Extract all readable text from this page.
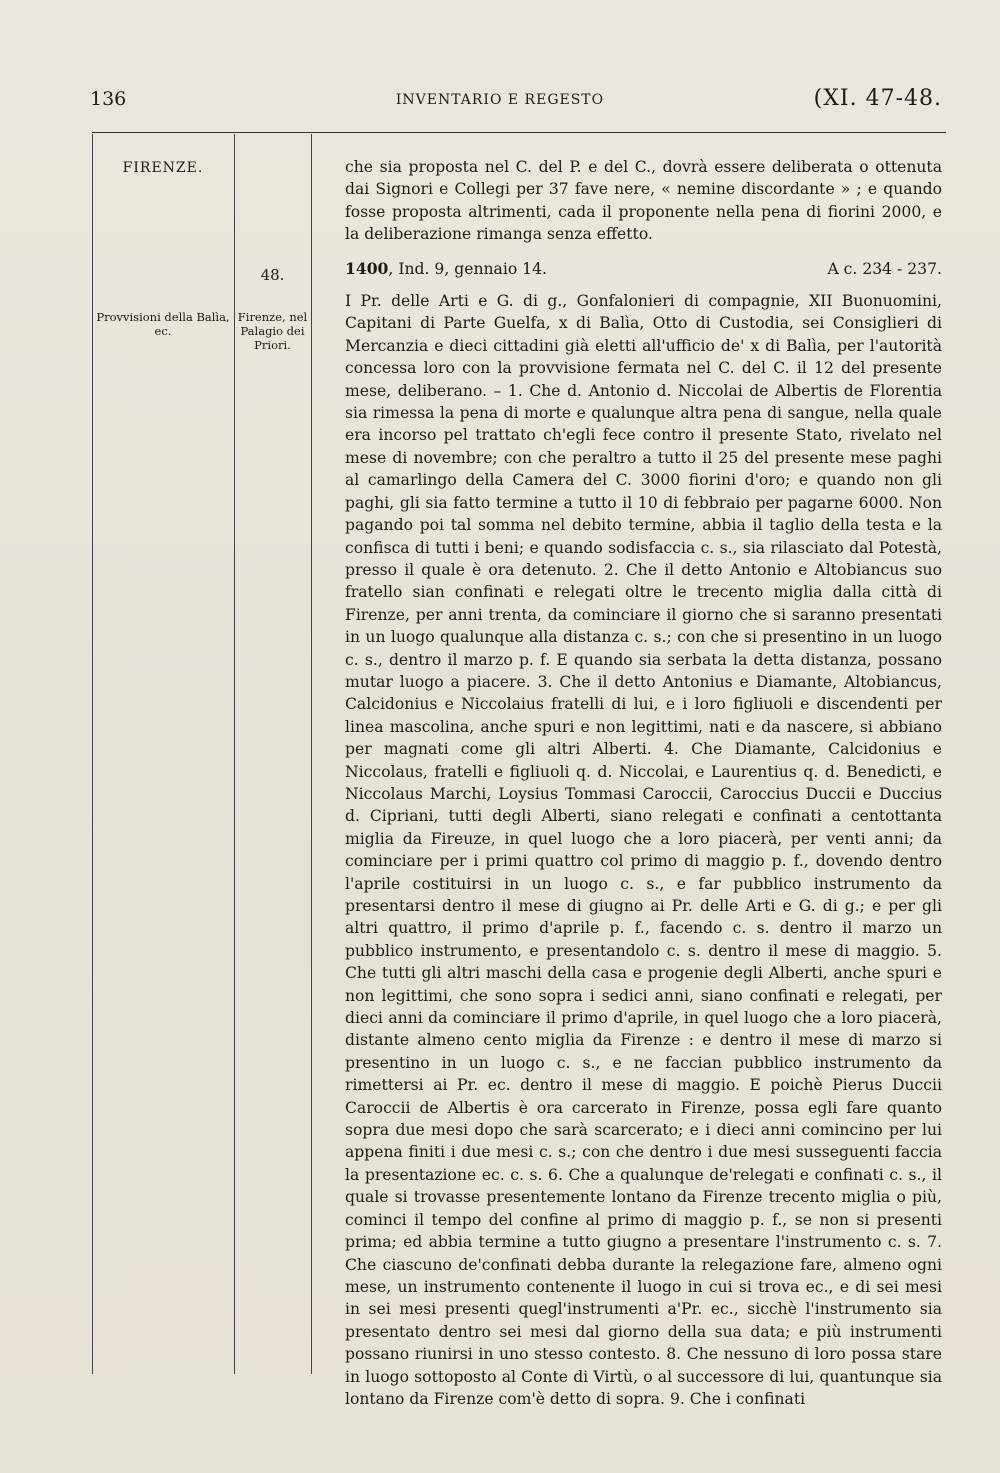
136	INVENTARIO E REGESTO	(XI. 47-48.
FIRENZE.
48.
Provvisioni della Balìa, ec.
Firenze, nel Palagio dei Priori.

che sia proposta nel C. del P. e del C., dovrà essere deliberata o ottenuta dai Signori e Collegi per 37 fave nere, « nemine discordante » ; e quando fosse proposta altrimenti, cada il proponente nella pena di fiorini 2000, e la deliberazione rimanga senza effetto.

1400, Ind. 9, gennaio 14.	A c. 234 - 237.

I Pr. delle Arti e G. di g., Gonfalonieri di compagnie, XII Buonuomini, Capitani di Parte Guelfa, x di Balìa, Otto di Custodia, sei Consiglieri di Mercanzia e dieci cittadini già eletti all'ufficio de' x di Balìa, per l'autorità concessa loro con la provvisione fermata nel C. del C. il 12 del presente mese, deliberano. – 1. Che d. Antonio d. Niccolai de Albertis de Florentia sia rimessa la pena di morte e qualunque altra pena di sangue, nella quale era incorso pel trattato ch'egli fece contro il presente Stato, rivelato nel mese di novembre; con che peraltro a tutto il 25 del presente mese paghi al camarlingo della Camera del C. 3000 fiorini d'oro; e quando non gli paghi, gli sia fatto termine a tutto il 10 di febbraio per pagarne 6000. Non pagando poi tal somma nel debito termine, abbia il taglio della testa e la confisca di tutti i beni; e quando sodisfaccia c. s., sia rilasciato dal Potestà, presso il quale è ora detenuto. 2. Che il detto Antonio e Altobiancus suo fratello sian confinati e relegati oltre le trecento miglia dalla città di Firenze, per anni trenta, da cominciare il giorno che si saranno presentati in un luogo qualunque alla distanza c. s.; con che si presentino in un luogo c. s., dentro il marzo p. f. E quando sia serbata la detta distanza, possano mutar luogo a piacere. 3. Che il detto Antonius e Diamante, Altobiancus, Calcidonius e Niccolaius fratelli di lui, e i loro figliuoli e discendenti per linea mascolina, anche spuri e non legittimi, nati e da nascere, si abbiano per magnati come gli altri Alberti. 4. Che Diamante, Calcidonius e Niccolaus, fratelli e figliuoli q. d. Niccolai, e Laurentius q. d. Benedicti, e Niccolaus Marchi, Loysius Tommasi Caroccii, Caroccius Duccii e Duccius d. Cipriani, tutti degli Alberti, siano relegati e confinati a centottanta miglia da Fireuze, in quel luogo che a loro piacerà, per venti anni; da cominciare per i primi quattro col primo di maggio p. f., dovendo dentro l'aprile costituirsi in un luogo c. s., e far pubblico instrumento da presentarsi dentro il mese di giugno ai Pr. delle Arti e G. di g.; e per gli altri quattro, il primo d'aprile p. f., facendo c. s. dentro il marzo un pubblico instrumento, e presentandolo c. s. dentro il mese di maggio. 5. Che tutti gli altri maschi della casa e progenie degli Alberti, anche spuri e non legittimi, che sono sopra i sedici anni, siano confinati e relegati, per dieci anni da cominciare il primo d'aprile, in quel luogo che a loro piacerà, distante almeno cento miglia da Firenze : e dentro il mese di marzo si presentino in un luogo c. s., e ne faccian pubblico instrumento da rimettersi ai Pr. ec. dentro il mese di maggio. E poichè Pierus Duccii Caroccii de Albertis è ora carcerato in Firenze, possa egli fare quanto sopra due mesi dopo che sarà scarcerato; e i dieci anni comincino per lui appena finiti i due mesi c. s.; con che dentro i due mesi susseguenti faccia la presentazione ec. c. s. 6. Che a qualunque de'relegati e confinati c. s., il quale si trovasse presentemente lontano da Firenze trecento miglia o più, cominci il tempo del confine al primo di maggio p. f., se non si presenti prima; ed abbia termine a tutto giugno a presentare l'instrumento c. s. 7. Che ciascuno de'confinati debba durante la relegazione fare, almeno ogni mese, un instrumento contenente il luogo in cui si trova ec., e di sei mesi in sei mesi presenti quegl'instrumenti a'Pr. ec., sicchè l'instrumento sia presentato dentro sei mesi dal giorno della sua data; e più instrumenti possano riunirsi in uno stesso contesto. 8. Che nessuno di loro possa stare in luogo sottoposto al Conte di Virtù, o al successore di lui, quantunque sia lontano da Firenze com'è detto di sopra. 9. Che i confinati
